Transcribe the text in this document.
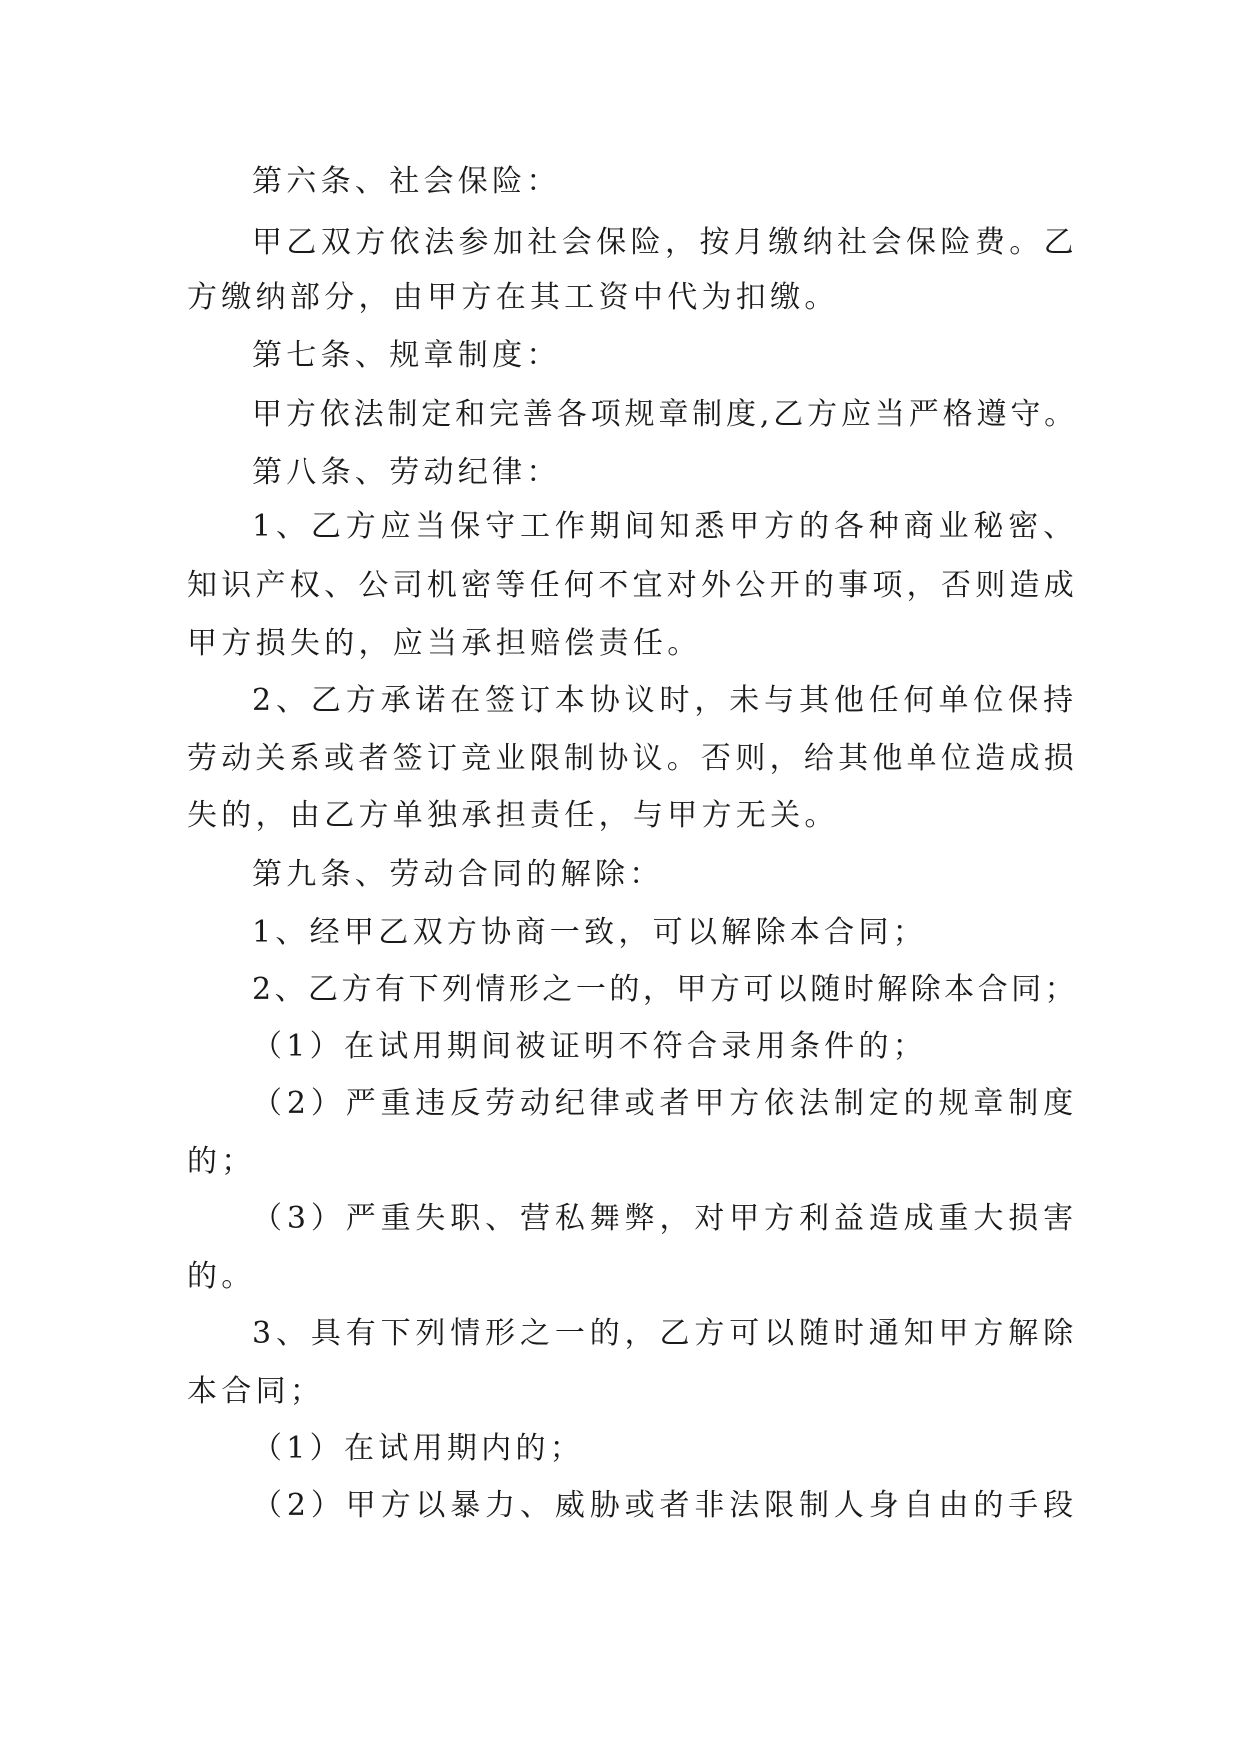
第六条、社会保险：
甲乙双方依法参加社会保险，按月缴纳社会保险费。乙
方缴纳部分，由甲方在其工资中代为扣缴。
第七条、规章制度：
甲方依法制定和完善各项规章制度,乙方应当严格遵守。
第八条、劳动纪律：
1、乙方应当保守工作期间知悉甲方的各种商业秘密、
知识产权、公司机密等任何不宜对外公开的事项，否则造成
甲方损失的，应当承担赔偿责任。
2、乙方承诺在签订本协议时，未与其他任何单位保持
劳动关系或者签订竞业限制协议。否则，给其他单位造成损
失的，由乙方单独承担责任，与甲方无关。
第九条、劳动合同的解除：
1、经甲乙双方协商一致，可以解除本合同；
2、乙方有下列情形之一的，甲方可以随时解除本合同；
（1）在试用期间被证明不符合录用条件的；
（2）严重违反劳动纪律或者甲方依法制定的规章制度
的；
（3）严重失职、营私舞弊，对甲方利益造成重大损害
的。
3、具有下列情形之一的，乙方可以随时通知甲方解除
本合同；
（1）在试用期内的；
（2）甲方以暴力、威胁或者非法限制人身自由的手段
